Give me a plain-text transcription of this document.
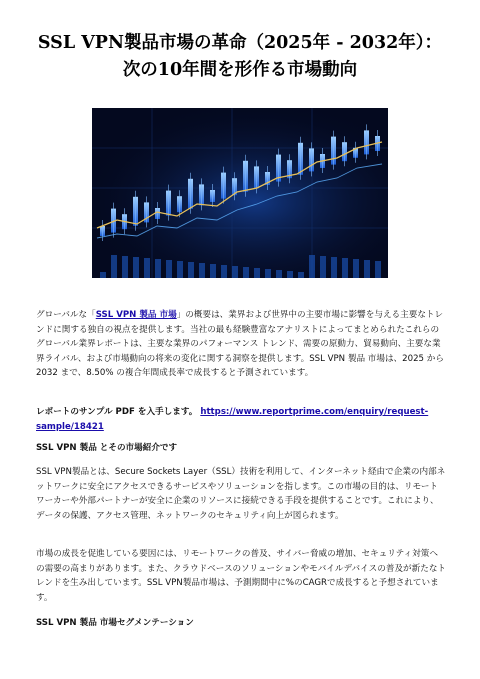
SSL VPN製品市場の革命（2025年 - 2032年）：
次の10年間を形作る市場動向
グローバルな「SSL VPN 製品 市場」の概要は、業界および世界中の主要市場に影響を与える主要なトレンドに関する独自の視点を提供します。当社の最も経験豊富なアナリストによってまとめられたこれらのグローバル業界レポートは、主要な業界のパフォーマンス トレンド、需要の原動力、貿易動向、主要な業界ライバル、および市場動向の将来の変化に関する洞察を提供します。SSL VPN 製品 市場は、2025 から 2032 まで、8.50% の複合年間成長率で成長すると予測されています。
レポートのサンプル PDF を入手します。 https://www.reportprime.com/enquiry/request-sample/18421
SSL VPN 製品 とその市場紹介です
SSL VPN製品とは、Secure Sockets Layer（SSL）技術を利用して、インターネット経由で企業の内部ネットワークに安全にアクセスできるサービスやソリューションを指します。この市場の目的は、リモートワーカーや外部パートナーが安全に企業のリソースに接続できる手段を提供することです。これにより、データの保護、アクセス管理、ネットワークのセキュリティ向上が図られます。
市場の成長を促進している要因には、リモートワークの普及、サイバー脅威の増加、セキュリティ対策への需要の高まりがあります。また、クラウドベースのソリューションやモバイルデバイスの普及が新たなトレンドを生み出しています。SSL VPN製品市場は、予測期間中に%のCAGRで成長すると予想されています。
SSL VPN 製品 市場セグメンテーション
